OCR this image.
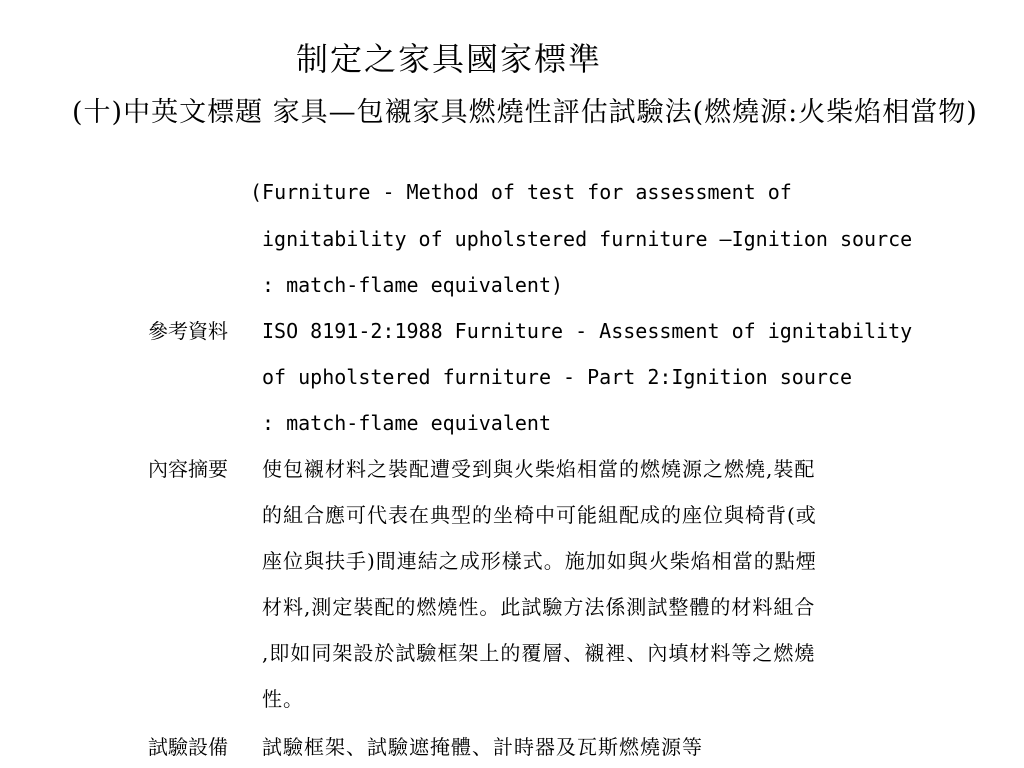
制定之家具國家標準
(十)中英文標題 家具—包襯家具燃燒性評估試驗法(燃燒源:火柴焰相當物)
(Furniture - Method of test for assessment of
ignitability of upholstered furniture —Ignition source
: match-flame equivalent)
參考資料 ISO 8191-2:1988 Furniture - Assessment of ignitability
of upholstered furniture - Part 2:Ignition source
: match-flame equivalent
內容摘要 使包襯材料之裝配遭受到與火柴焰相當的燃燒源之燃燒,裝配
的組合應可代表在典型的坐椅中可能組配成的座位與椅背(或
座位與扶手)間連結之成形樣式。施加如與火柴焰相當的點煙
材料,測定裝配的燃燒性。此試驗方法係測試整體的材料組合
,即如同架設於試驗框架上的覆層、襯裡、內填材料等之燃燒
性。
試驗設備 試驗框架、試驗遮掩體、計時器及瓦斯燃燒源等
